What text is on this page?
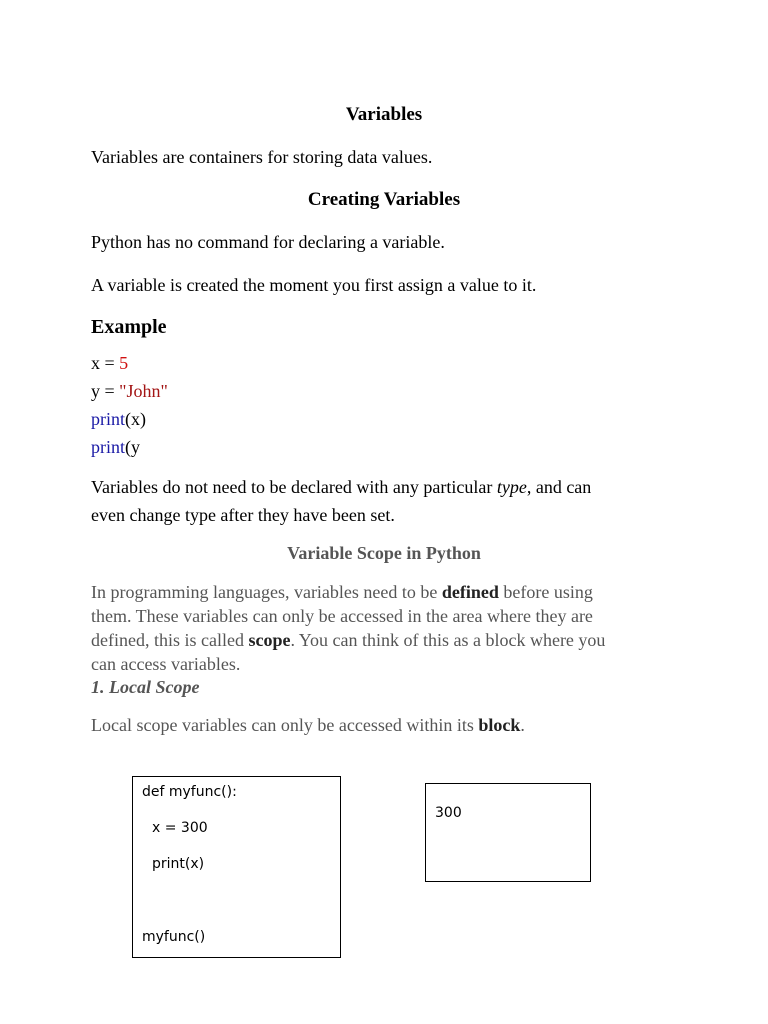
Variables
Variables are containers for storing data values.
Creating Variables
Python has no command for declaring a variable.
A variable is created the moment you first assign a value to it.
Example
x = 5
y = "John"
print(x)
print(y
Variables do not need to be declared with any particular type, and can
even change type after they have been set.
Variable Scope in Python
In programming languages, variables need to be defined before using
them. These variables can only be accessed in the area where they are
defined, this is called scope. You can think of this as a block where you
can access variables.
1. Local Scope
Local scope variables can only be accessed within its block.
def myfunc():
x = 300
print(x)
myfunc()
300
